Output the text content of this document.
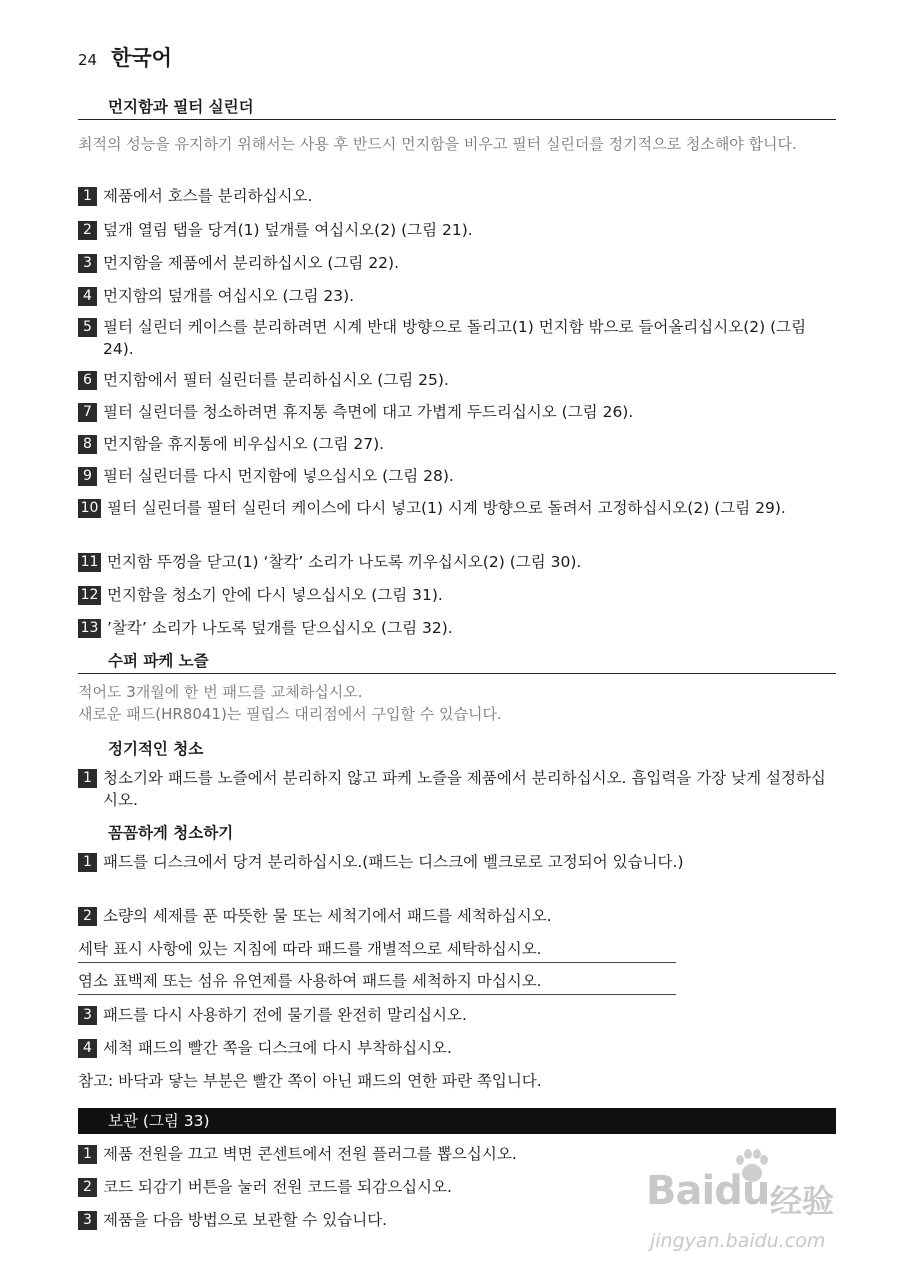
24 한국어
먼지함과 필터 실린더
최적의 성능을 유지하기 위해서는 사용 후 반드시 먼지함을 비우고 필터 실린더를 정기적으로 청소해야 합니다.
1 제품에서 호스를 분리하십시오.
2 덮개 열림 탭을 당겨(1) 덮개를 여십시오(2) (그림 21).
3 먼지함을 제품에서 분리하십시오 (그림 22).
4 먼지함의 덮개를 여십시오 (그림 23).
5 필터 실린더 케이스를 분리하려면 시계 반대 방향으로 돌리고(1) 먼지함 밖으로 들어올리십시오(2) (그림 24).
6 먼지함에서 필터 실린더를 분리하십시오 (그림 25).
7 필터 실린더를 청소하려면 휴지통 측면에 대고 가볍게 두드리십시오 (그림 26).
8 먼지함을 휴지통에 비우십시오 (그림 27).
9 필터 실린더를 다시 먼지함에 넣으십시오 (그림 28).
10 필터 실린더를 필터 실린더 케이스에 다시 넣고(1) 시계 방향으로 돌려서 고정하십시오(2) (그림 29).
11 먼지함 뚜껑을 닫고(1) ‘찰칵’ 소리가 나도록 끼우십시오(2) (그림 30).
12 먼지함을 청소기 안에 다시 넣으십시오 (그림 31).
13 ’찰칵’ 소리가 나도록 덮개를 닫으십시오 (그림 32).
수퍼 파케 노즐
적어도 3개월에 한 번 패드를 교체하십시오.
새로운 패드(HR8041)는 필립스 대리점에서 구입할 수 있습니다.
정기적인 청소
1 청소기와 패드를 노즐에서 분리하지 않고 파케 노즐을 제품에서 분리하십시오. 흡입력을 가장 낮게 설정하십시오.
꼼꼼하게 청소하기
1 패드를 디스크에서 당겨 분리하십시오.(패드는 디스크에 벨크로로 고정되어 있습니다.)
2 소량의 세제를 푼 따뜻한 물 또는 세척기에서 패드를 세척하십시오.
세탁 표시 사항에 있는 지침에 따라 패드를 개별적으로 세탁하십시오.
염소 표백제 또는 섬유 유연제를 사용하여 패드를 세척하지 마십시오.
3 패드를 다시 사용하기 전에 물기를 완전히 말리십시오.
4 세척 패드의 빨간 쪽을 디스크에 다시 부착하십시오.
참고: 바닥과 닿는 부분은 빨간 쪽이 아닌 패드의 연한 파란 쪽입니다.
보관 (그림 33)
1 제품 전원을 끄고 벽면 콘센트에서 전원 플러그를 뽑으십시오.
2 코드 되감기 버튼을 눌러 전원 코드를 되감으십시오.
3 제품을 다음 방법으로 보관할 수 있습니다.
Baidu 经验
jingyan.baidu.com
